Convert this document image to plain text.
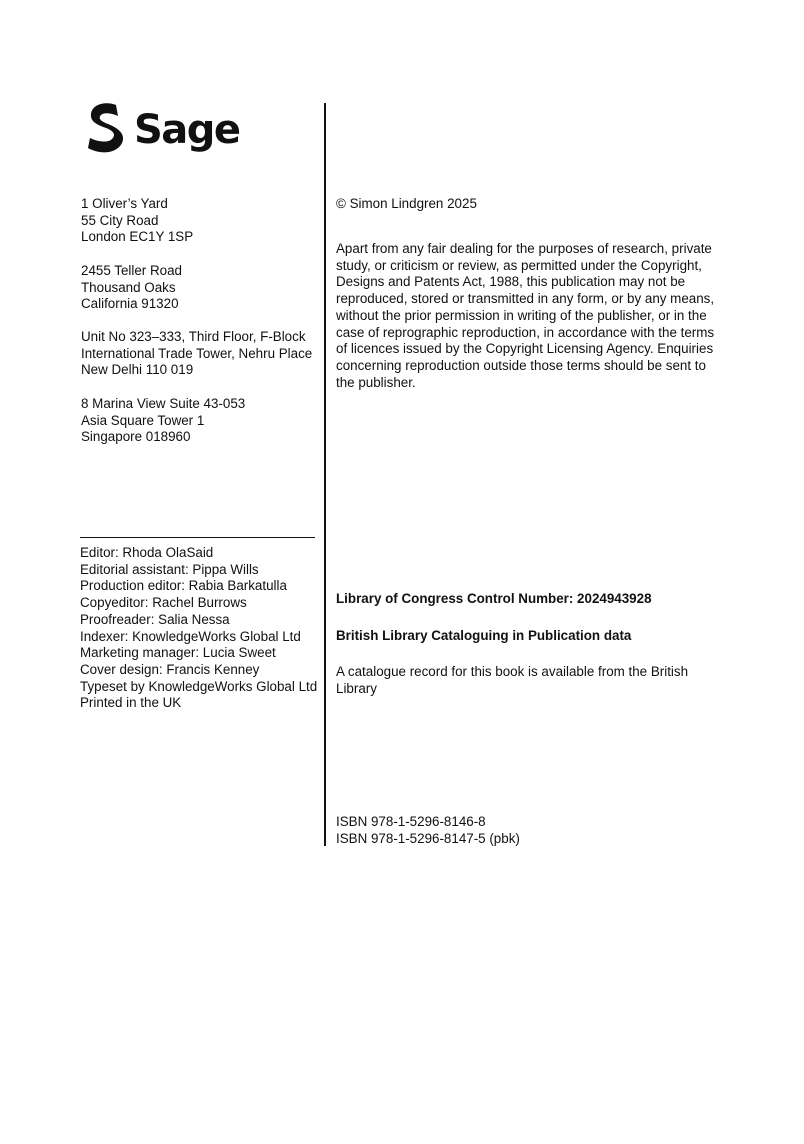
Sage
1 Oliver’s Yard
55 City Road
London EC1Y 1SP
2455 Teller Road
Thousand Oaks
California 91320
Unit No 323–333, Third Floor, F-Block
International Trade Tower, Nehru Place
New Delhi 110 019
8 Marina View Suite 43-053
Asia Square Tower 1
Singapore 018960
Editor: Rhoda OlaSaid
Editorial assistant: Pippa Wills
Production editor: Rabia Barkatulla
Copyeditor: Rachel Burrows
Proofreader: Salia Nessa
Indexer: KnowledgeWorks Global Ltd
Marketing manager: Lucia Sweet
Cover design: Francis Kenney
Typeset by KnowledgeWorks Global Ltd
Printed in the UK
© Simon Lindgren 2025
Apart from any fair dealing for the purposes of research, private study, or criticism or review, as permitted under the Copyright, Designs and Patents Act, 1988, this publication may not be reproduced, stored or transmitted in any form, or by any means, without the prior permission in writing of the publisher, or in the case of reprographic reproduction, in accordance with the terms of licences issued by the Copyright Licensing Agency. Enquiries concerning reproduction outside those terms should be sent to the publisher.
Library of Congress Control Number: 2024943928
British Library Cataloguing in Publication data
A catalogue record for this book is available from the British Library
ISBN 978-1-5296-8146-8
ISBN 978-1-5296-8147-5 (pbk)
